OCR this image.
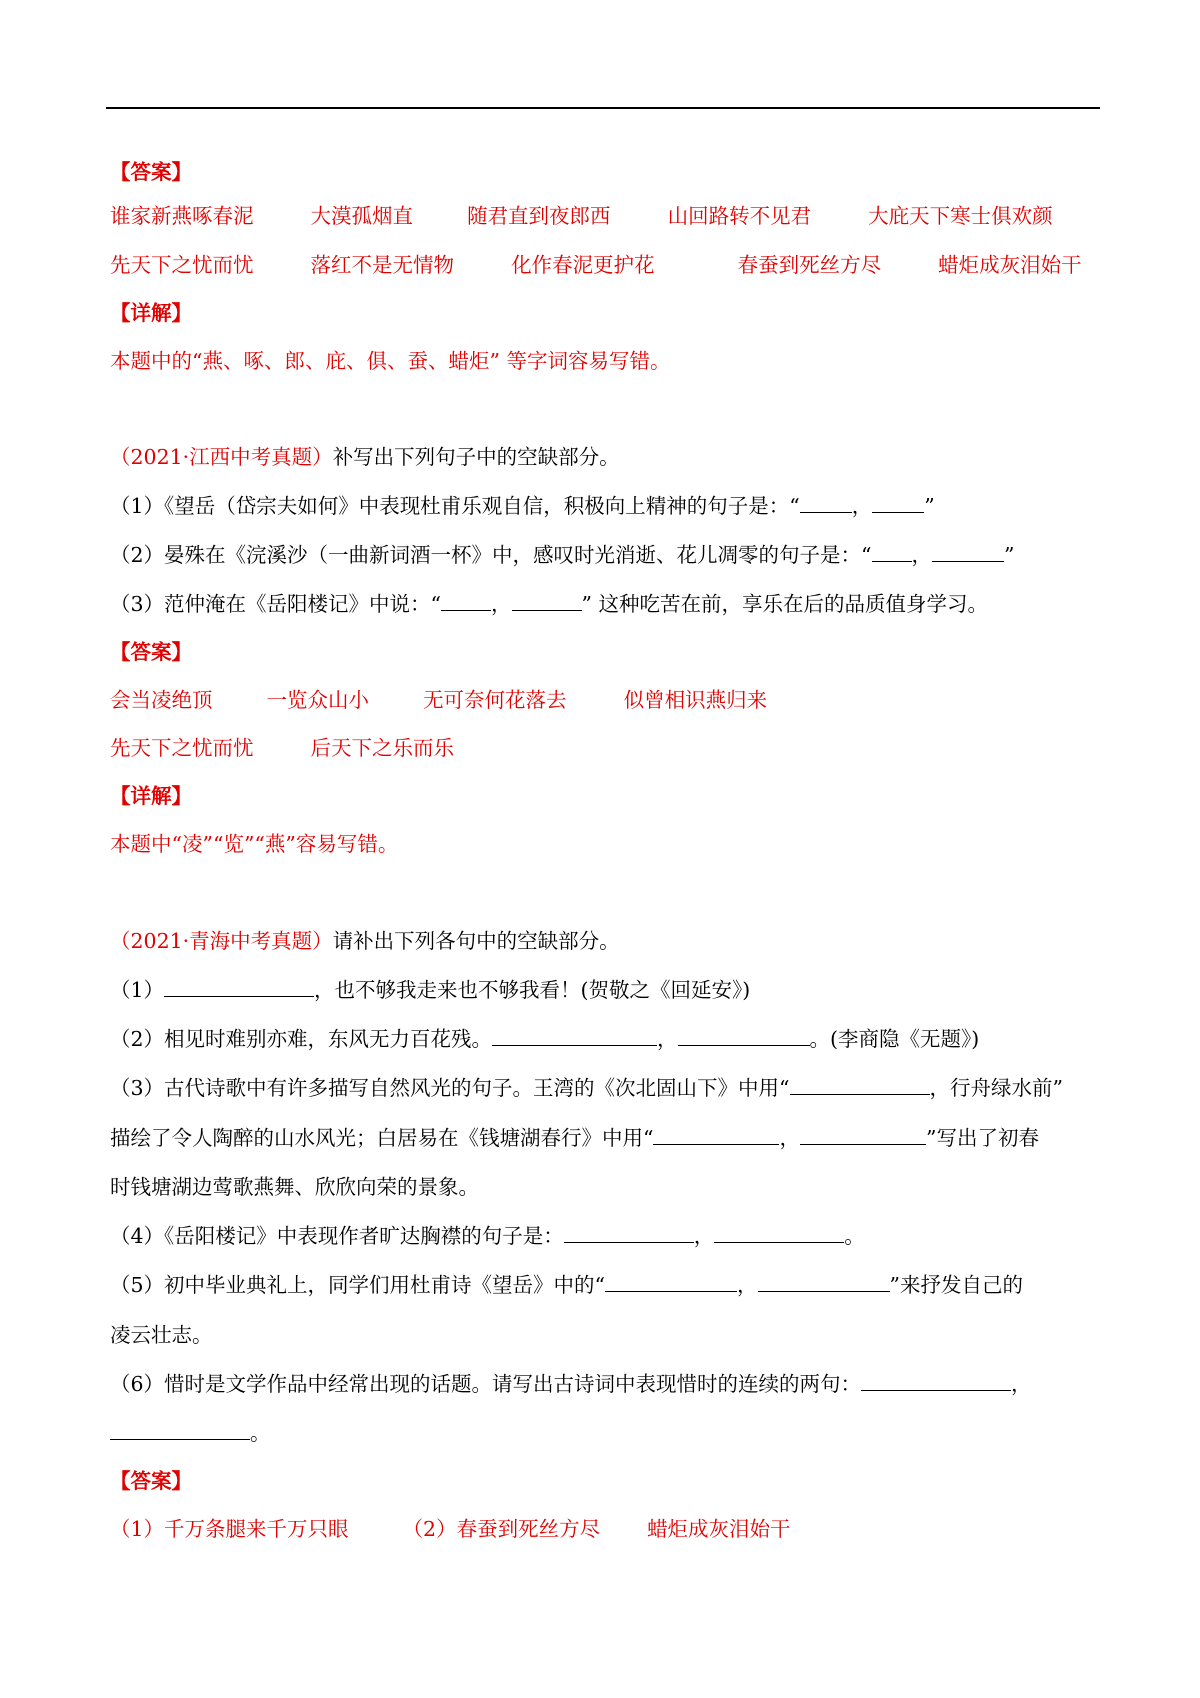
【答案】
谁家新燕啄春泥	大漠孤烟直	随君直到夜郎西	山回路转不见君	大庇天下寒士俱欢颜
先天下之忧而忧	落红不是无情物	化作春泥更护花	春蚕到死丝方尽	蜡炬成灰泪始干
【详解】
本题中的“燕、啄、郎、庇、俱、蚕、蜡炬” 等字词容易写错。
（2021·江西中考真题）补写出下列句子中的空缺部分。
（1）《望岳（岱宗夫如何》中表现杜甫乐观自信，积极向上精神的句子是：“	，	”
（2）晏殊在《浣溪沙（一曲新词酒一杯》中，感叹时光消逝、花儿凋零的句子是：“ ，	”
（3）范仲淹在《岳阳楼记》中说：“ ，	” 这种吃苦在前，享乐在后的品质值身学习。
【答案】
会当凌绝顶	一览众山小	无可奈何花落去	似曾相识燕归来
先天下之忧而忧	后天下之乐而乐
【详解】
本题中“凌”“览”“燕”容易写错。
（2021·青海中考真题）请补出下列各句中的空缺部分。
（1）	，也不够我走来也不够我看！(贺敬之《回延安》)
（2）相见时难别亦难，东风无力百花残。	，	。(李商隐《无题》)
（3）古代诗歌中有许多描写自然风光的句子。王湾的《次北固山下》中用“	，行舟绿水前”
描绘了令人陶醉的山水风光；白居易在《钱塘湖春行》中用“	，	”写出了初春
时钱塘湖边莺歌燕舞、欣欣向荣的景象。
（4）《岳阳楼记》中表现作者旷达胸襟的句子是：	，	。
（5）初中毕业典礼上，同学们用杜甫诗《望岳》中的“	，	”来抒发自己的
凌云壮志。
（6）惜时是文学作品中经常出现的话题。请写出古诗词中表现惜时的连续的两句：	，
。
【答案】
（1）千万条腿来千万只眼	（2）春蚕到死丝方尽 蜡炬成灰泪始干
